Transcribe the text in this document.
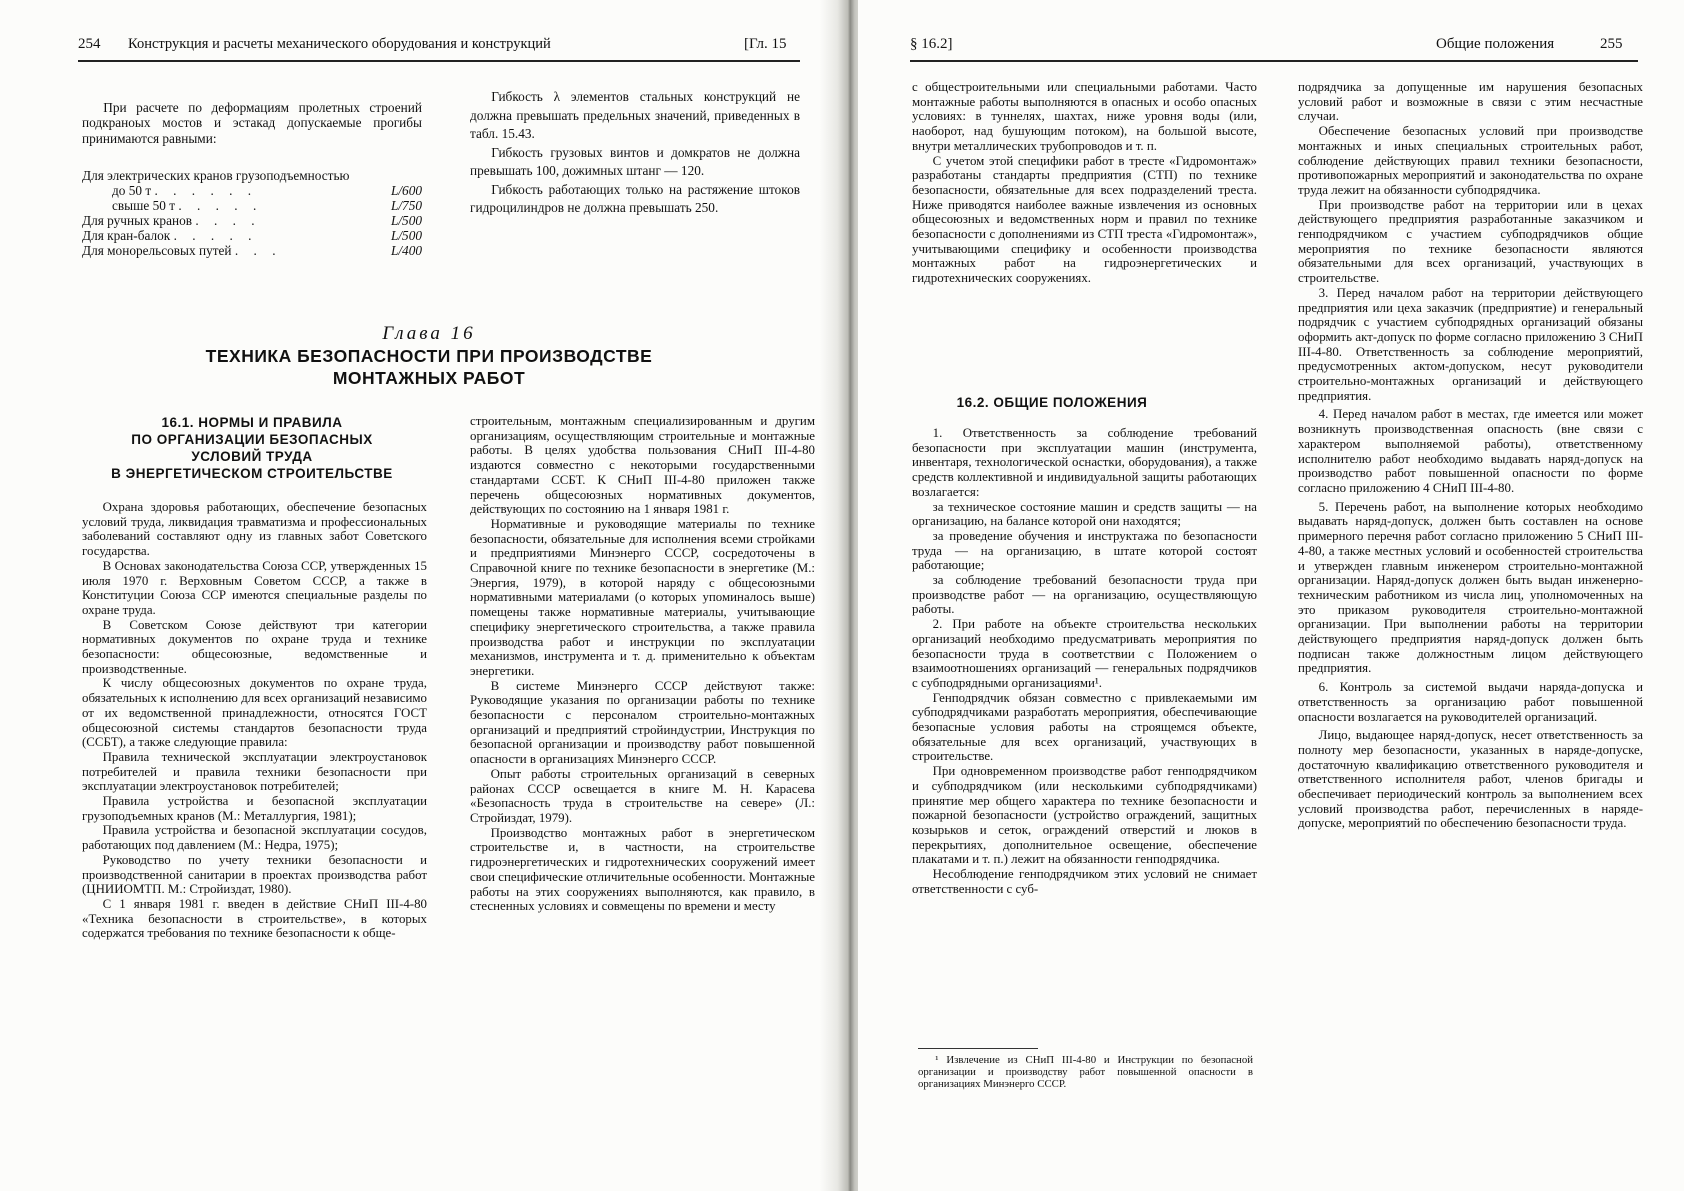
254 Конструкция и расчеты механического оборудования и конструкций	[Гл. 15

При расчете по деформациям пролетных строений подкраноых мостов и эстакад допускаемые прогибы принимаются равными:

Для электрических кранов грузоподъемностью
до 50 т . . . . . .	L/600
свыше 50 т . . . . .	L/750
Для ручных кранов . . . .	L/500
Для кран-балок . . . . .	L/500
Для монорельсовых путей . . .	L/400

Гибкость λ элементов стальных конструкций не должна превышать предельных значений, приведенных в табл. 15.43.

Гибкость грузовых винтов и домкратов не должна превышать 100, дожимных штанг — 120.

Гибкость работающих только на растяжение штоков гидроцилиндров не должна превышать 250.

Глава 16
ТЕХНИКА БЕЗОПАСНОСТИ ПРИ ПРОИЗВОДСТВЕ
МОНТАЖНЫХ РАБОТ
16.1. НОРМЫ И ПРАВИЛА
ПО ОРГАНИЗАЦИИ БЕЗОПАСНЫХ
УСЛОВИЙ ТРУДА
В ЭНЕРГЕТИЧЕСКОМ СТРОИТЕЛЬСТВЕ

Охрана здоровья работающих, обеспечение безопасных условий труда, ликвидация травматизма и профессиональных заболеваний составляют одну из главных забот Советского государства.

В Основах законодательства Союза ССР, утвержденных 15 июля 1970 г. Верховным Советом СССР, а также в Конституции Союза ССР имеются специальные разделы по охране труда.

В Советском Союзе действуют три категории нормативных документов по охране труда и технике безопасности: общесоюзные, ведомственные и производственные.

К числу общесоюзных документов по охране труда, обязательных к исполнению для всех организаций независимо от их ведомственной принадлежности, относятся ГОСТ общесоюзной системы стандартов безопасности труда (ССБТ), а также следующие правила:

Правила технической эксплуатации электроустановок потребителей и правила техники безопасности при эксплуатации электроустановок потребителей;

Правила устройства и безопасной эксплуатации грузоподъемных кранов (М.: Металлургия, 1981);

Правила устройства и безопасной эксплуатации сосудов, работающих под давлением (М.: Недра, 1975);

Руководство по учету техники безопасности и производственной санитарии в проектах производства работ (ЦНИИОМТП. М.: Стройиздат, 1980).

С 1 января 1981 г. введен в действие СНиП III-4-80 «Техника безопасности в строительстве», в которых содержатся требования по технике безопасности к обще-

строительным, монтажным специализированным и другим организациям, осуществляющим строительные и монтажные работы. В целях удобства пользования СНиП III-4-80 издаются совместно с некоторыми государственными стандартами ССБТ. К СНиП III-4-80 приложен также перечень общесоюзных нормативных документов, действующих по состоянию на 1 января 1981 г.

Нормативные и руководящие материалы по технике безопасности, обязательные для исполнения всеми стройками и предприятиями Минэнерго СССР, сосредоточены в Справочной книге по технике безопасности в энергетике (М.: Энергия, 1979), в которой наряду с общесоюзными нормативными материалами (о которых упоминалось выше) помещены также нормативные материалы, учитывающие специфику энергетического строительства, а также правила производства работ и инструкции по эксплуатации механизмов, инструмента и т. д. применительно к объектам энергетики.

В системе Минэнерго СССР действуют также: Руководящие указания по организации работы по технике безопасности с персоналом строительно-монтажных организаций и предприятий стройиндустрии, Инструкция по безопасной организации и производству работ повышенной опасности в организациях Минэнерго СССР.

Опыт работы строительных организаций в северных районах СССР освещается в книге М. Н. Карасева «Безопасность труда в строительстве на севере» (Л.: Стройиздат, 1979).

Производство монтажных работ в энергетическом строительстве и, в частности, на строительстве гидроэнергетических и гидротехнических сооружений имеет свои специфические отличительные особенности. Монтажные работы на этих сооружениях выполняются, как правило, в стесненных условиях и совмещены по времени и месту

§ 16.2]	Общие положения	255

с общестроительными или специальными работами. Часто монтажные работы выполняются в опасных и особо опасных условиях: в туннелях, шахтах, ниже уровня воды (или, наоборот, над бушующим потоком), на большой высоте, внутри металлических трубопроводов и т. п.

С учетом этой специфики работ в тресте «Гидромонтаж» разработаны стандарты предприятия (СТП) по технике безопасности, обязательные для всех подразделений треста. Ниже приводятся наиболее важные извлечения из основных общесоюзных и ведомственных норм и правил по технике безопасности с дополнениями из СТП треста «Гидромонтаж», учитывающими специфику и особенности производства монтажных работ на гидроэнергетических и гидротехнических сооружениях.

16.2. ОБЩИЕ ПОЛОЖЕНИЯ

1. Ответственность за соблюдение требований безопасности при эксплуатации машин (инструмента, инвентаря, технологической оснастки, оборудования), а также средств коллективной и индивидуальной защиты работающих возлагается:

за техническое состояние машин и средств защиты — на организацию, на балансе которой они находятся;

за проведение обучения и инструктажа по безопасности труда — на организацию, в штате которой состоят работающие;

за соблюдение требований безопасности труда при производстве работ — на организацию, осуществляющую работы.

2. При работе на объекте строительства нескольких организаций необходимо предусматривать мероприятия по безопасности труда в соответствии с Положением о взаимоотношениях организаций — генеральных подрядчиков с субподрядными организациями¹.

Генподрядчик обязан совместно с привлекаемыми им субподрядчиками разработать мероприятия, обеспечивающие безопасные условия работы на строящемся объекте, обязательные для всех организаций, участвующих в строительстве.

При одновременном производстве работ генподрядчиком и субподрядчиком (или несколькими субподрядчиками) принятие мер общего характера по технике безопасности и пожарной безопасности (устройство ограждений, защитных козырьков и сеток, ограждений отверстий и люков в перекрытиях, дополнительное освещение, обеспечение плакатами и т. п.) лежит на обязанности генподрядчика.

Несоблюдение генподрядчиком этих условий не снимает ответственности с суб-

¹ Извлечение из СНиП III-4-80 и Инструкции по безопасной организации и производству работ повышенной опасности в организациях Минэнерго СССР.

подрядчика за допущенные им нарушения безопасных условий работ и возможные в связи с этим несчастные случаи.

Обеспечение безопасных условий при производстве монтажных и иных специальных строительных работ, соблюдение действующих правил техники безопасности, противопожарных мероприятий и законодательства по охране труда лежит на обязанности субподрядчика.

При производстве работ на территории или в цехах действующего предприятия разработанные заказчиком и генподрядчиком с участием субподрядчиков общие мероприятия по технике безопасности являются обязательными для всех организаций, участвующих в строительстве.

3. Перед началом работ на территории действующего предприятия или цеха заказчик (предприятие) и генеральный подрядчик с участием субподрядных организаций обязаны оформить акт-допуск по форме согласно приложению 3 СНиП III-4-80. Ответственность за соблюдение мероприятий, предусмотренных актом-допуском, несут руководители строительно-монтажных организаций и действующего предприятия.

4. Перед началом работ в местах, где имеется или может возникнуть производственная опасность (вне связи с характером выполняемой работы), ответственному исполнителю работ необходимо выдавать наряд-допуск на производство работ повышенной опасности по форме согласно приложению 4 СНиП III-4-80.

5. Перечень работ, на выполнение которых необходимо выдавать наряд-допуск, должен быть составлен на основе примерного перечня работ согласно приложению 5 СНиП III-4-80, а также местных условий и особенностей строительства и утвержден главным инженером строительно-монтажной организации. Наряд-допуск должен быть выдан инженерно-техническим работником из числа лиц, уполномоченных на это приказом руководителя строительно-монтажной организации. При выполнении работы на территории действующего предприятия наряд-допуск должен быть подписан также должностным лицом действующего предприятия.

6. Контроль за системой выдачи наряда-допуска и ответственность за организацию работ повышенной опасности возлагается на руководителей организаций.

Лицо, выдающее наряд-допуск, несет ответственность за полноту мер безопасности, указанных в наряде-допуске, достаточную квалификацию ответственного руководителя и ответственного исполнителя работ, членов бригады и обеспечивает периодический контроль за выполнением всех условий производства работ, перечисленных в наряде-допуске, мероприятий по обеспечению безопасности труда.
